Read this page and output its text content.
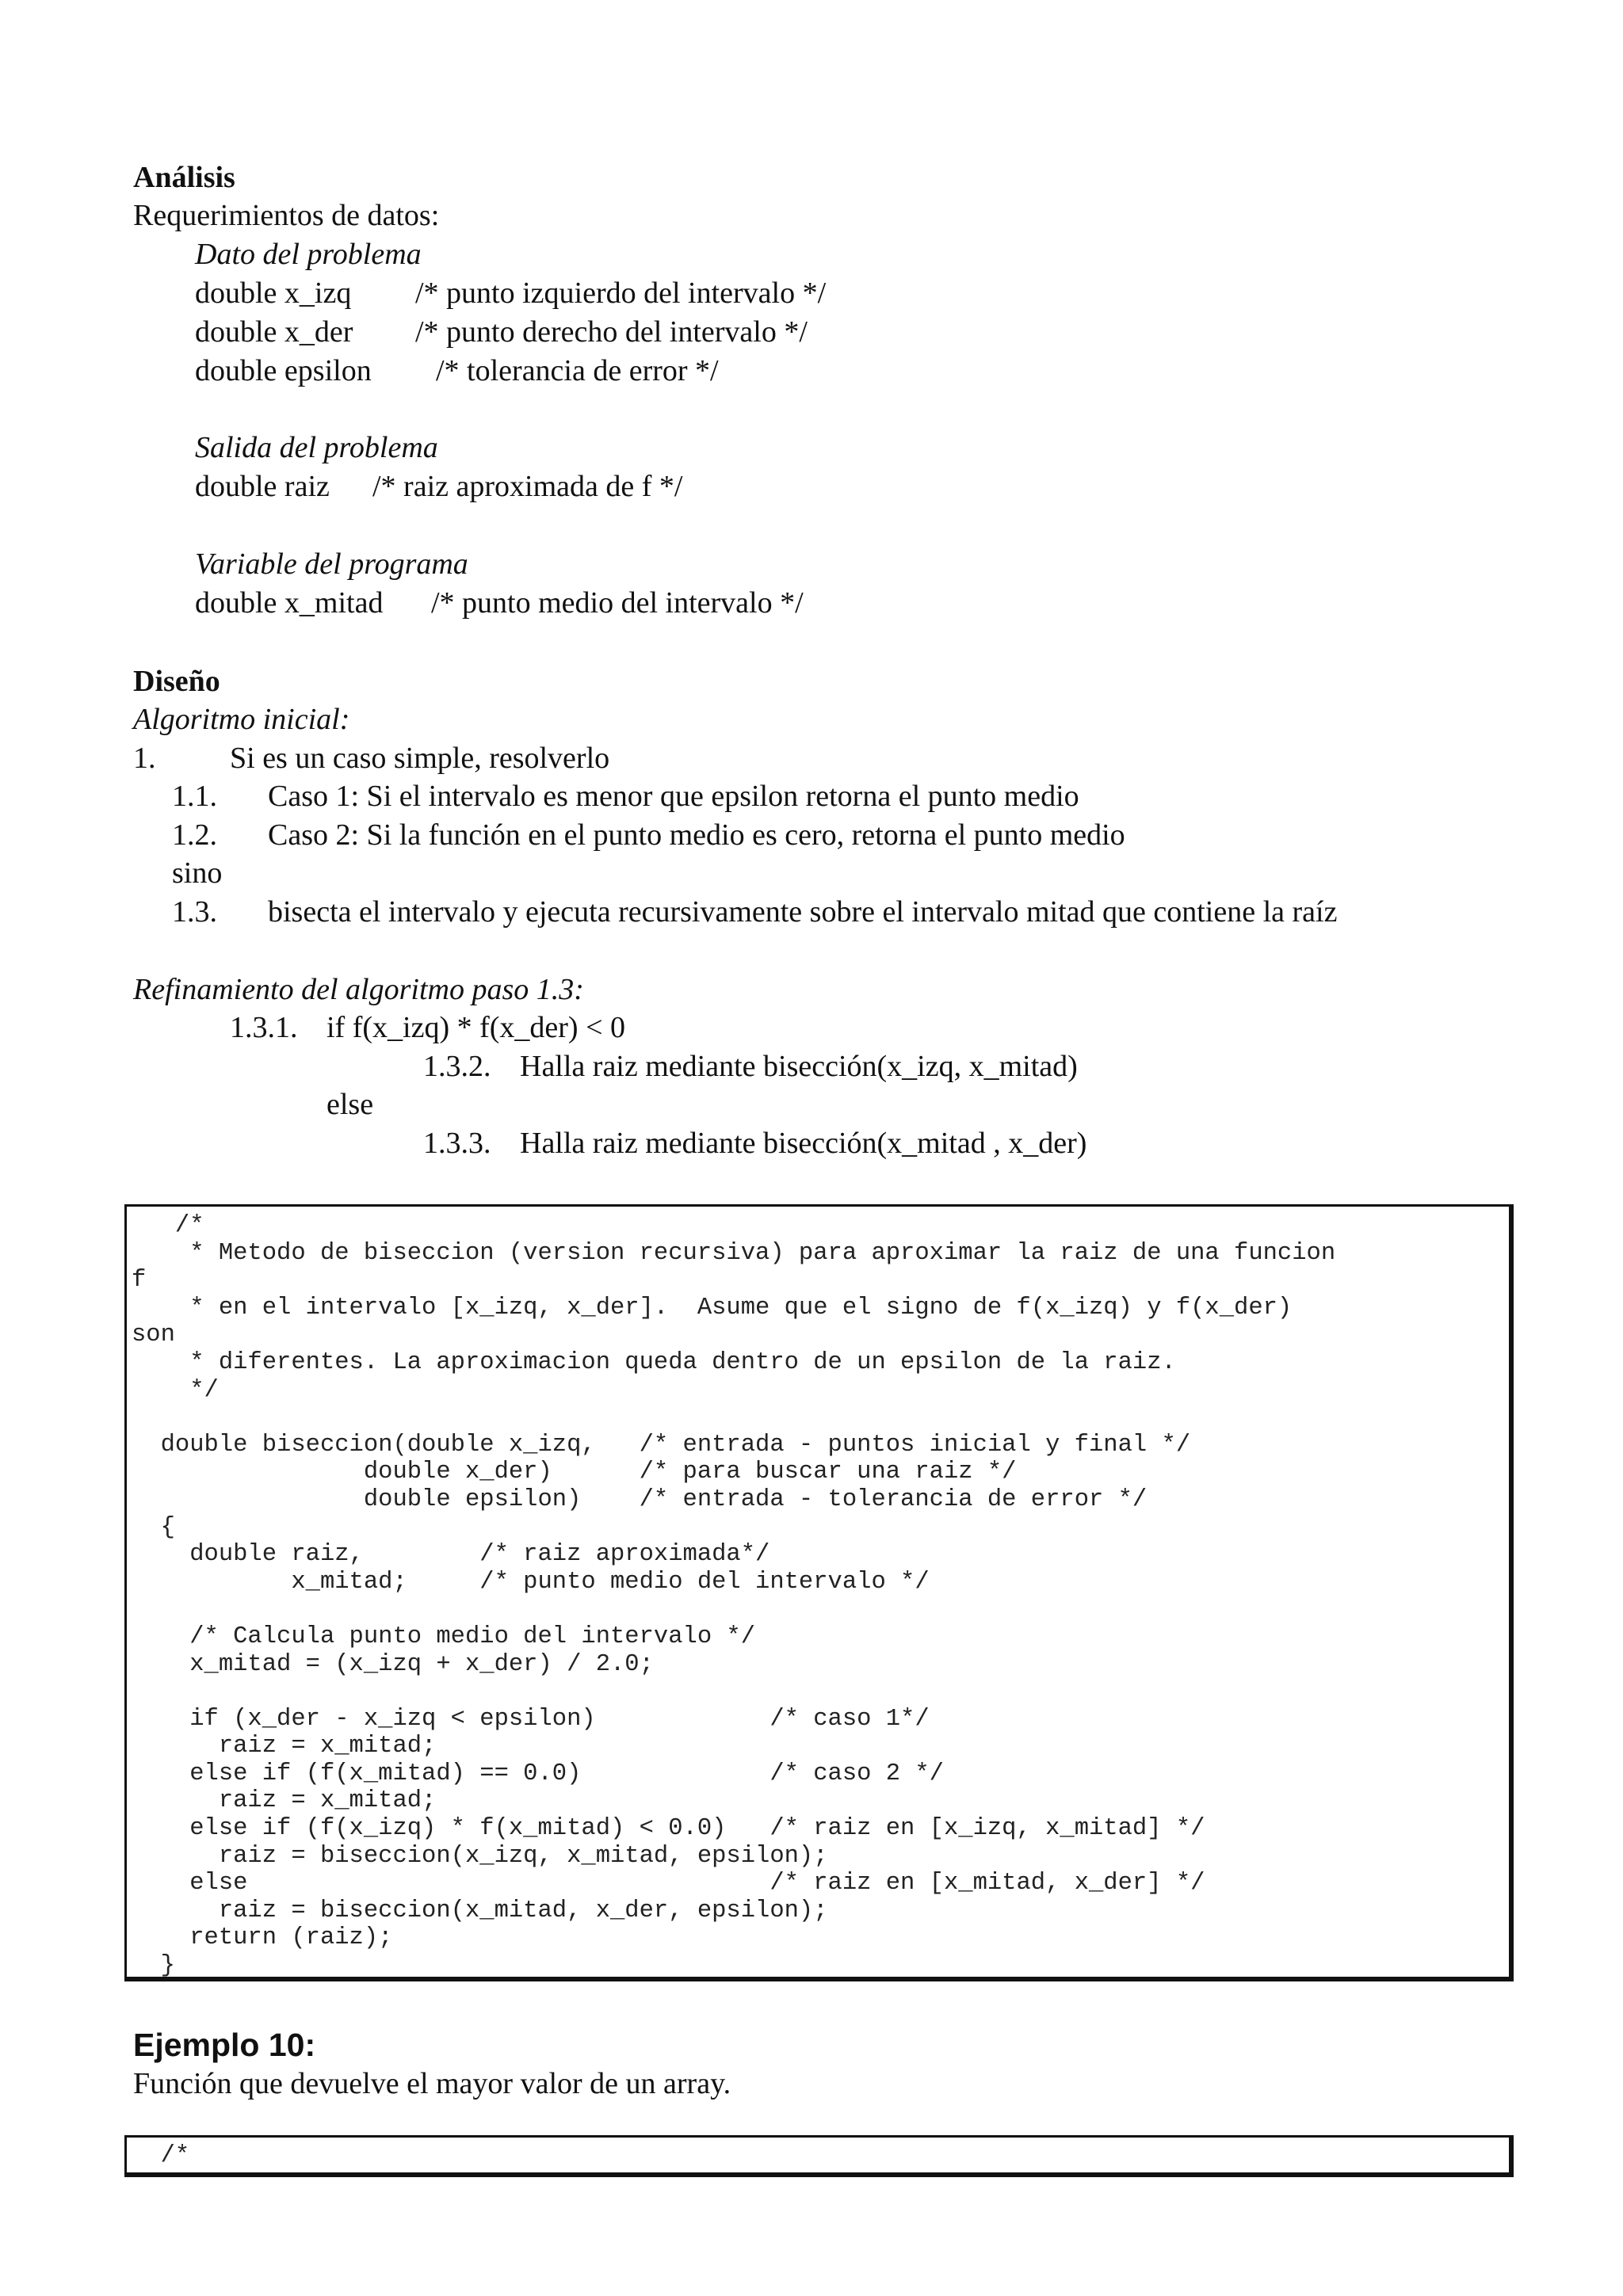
Análisis
Requerimientos de datos:
Dato del problema
double x_izq /* punto izquierdo del intervalo */
double x_der /* punto derecho del intervalo */
double epsilon /* tolerancia de error */
Salida del problema
double raiz /* raiz aproximada de f */
Variable del programa
double x_mitad /* punto medio del intervalo */
Diseño
Algoritmo inicial:
1. Si es un caso simple, resolverlo
1.1. Caso 1: Si el intervalo es menor que epsilon retorna el punto medio
1.2. Caso 2: Si la función en el punto medio es cero, retorna el punto medio
sino
1.3. bisecta el intervalo y ejecuta recursivamente sobre el intervalo mitad que contiene la raíz
Refinamiento del algoritmo paso 1.3:
1.3.1. if f(x_izq) * f(x_der) < 0
1.3.2. Halla raiz mediante bisección(x_izq, x_mitad)
else
1.3.3. Halla raiz mediante bisección(x_mitad , x_der)
/*
* Metodo de biseccion (version recursiva) para aproximar la raiz de una funcion
f
* en el intervalo [x_izq, x_der].  Asume que el signo de f(x_izq) y f(x_der)
son
* diferentes. La aproximacion queda dentro de un epsilon de la raiz.
*/

double biseccion(double x_izq,   /* entrada - puntos inicial y final */
double x_der)      /* para buscar una raiz */
double epsilon)    /* entrada - tolerancia de error */
{
double raiz,        /* raiz aproximada*/
x_mitad;     /* punto medio del intervalo */

/* Calcula punto medio del intervalo */
x_mitad = (x_izq + x_der) / 2.0;

if (x_der - x_izq < epsilon)            /* caso 1*/
raiz = x_mitad;
else if (f(x_mitad) == 0.0)             /* caso 2 */
raiz = x_mitad;
else if (f(x_izq) * f(x_mitad) < 0.0)   /* raiz en [x_izq, x_mitad] */
raiz = biseccion(x_izq, x_mitad, epsilon);
else                                    /* raiz en [x_mitad, x_der] */
raiz = biseccion(x_mitad, x_der, epsilon);
return (raiz);
}
Ejemplo 10:
Función que devuelve el mayor valor de un array.
/*
